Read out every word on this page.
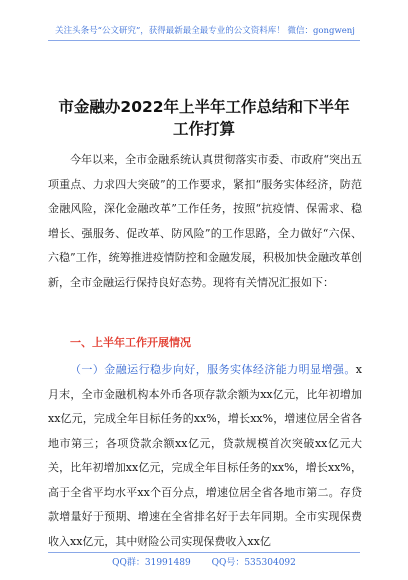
关注头条号“公文研究”，获得最新最全最专业的公文资料库！ 微信：gongwenj
市金融办2022年上半年工作总结和下半年工作打算
今年以来，全市金融系统认真贯彻落实市委、市政府“突出五项重点、力求四大突破”的工作要求，紧扣“服务实体经济，防范金融风险，深化金融改革”工作任务，按照“抗疫情、保需求、稳增长、强服务、促改革、防风险”的工作思路，全力做好“六保、六稳”工作，统筹推进疫情防控和金融发展，积极加快金融改革创新，全市金融运行保持良好态势。现将有关情况汇报如下：
一、上半年工作开展情况
（一）金融运行稳步向好，服务实体经济能力明显增强。x月末，全市金融机构本外币各项存款余额为xx亿元，比年初增加xx亿元，完成全年目标任务的xx%，增长xx%，增速位居全省各地市第三；各项贷款余额xx亿元，贷款规模首次突破xx亿元大关，比年初增加xx亿元，完成全年目标任务的xx%，增长xx%，高于全省平均水平xx个百分点，增速位居全省各地市第二。存贷款增量好于预期、增速在全省排名好于去年同期。全市实现保费收入xx亿元，其中财险公司实现保费收入xx亿
QQ群：31991489 QQ号：535304092
